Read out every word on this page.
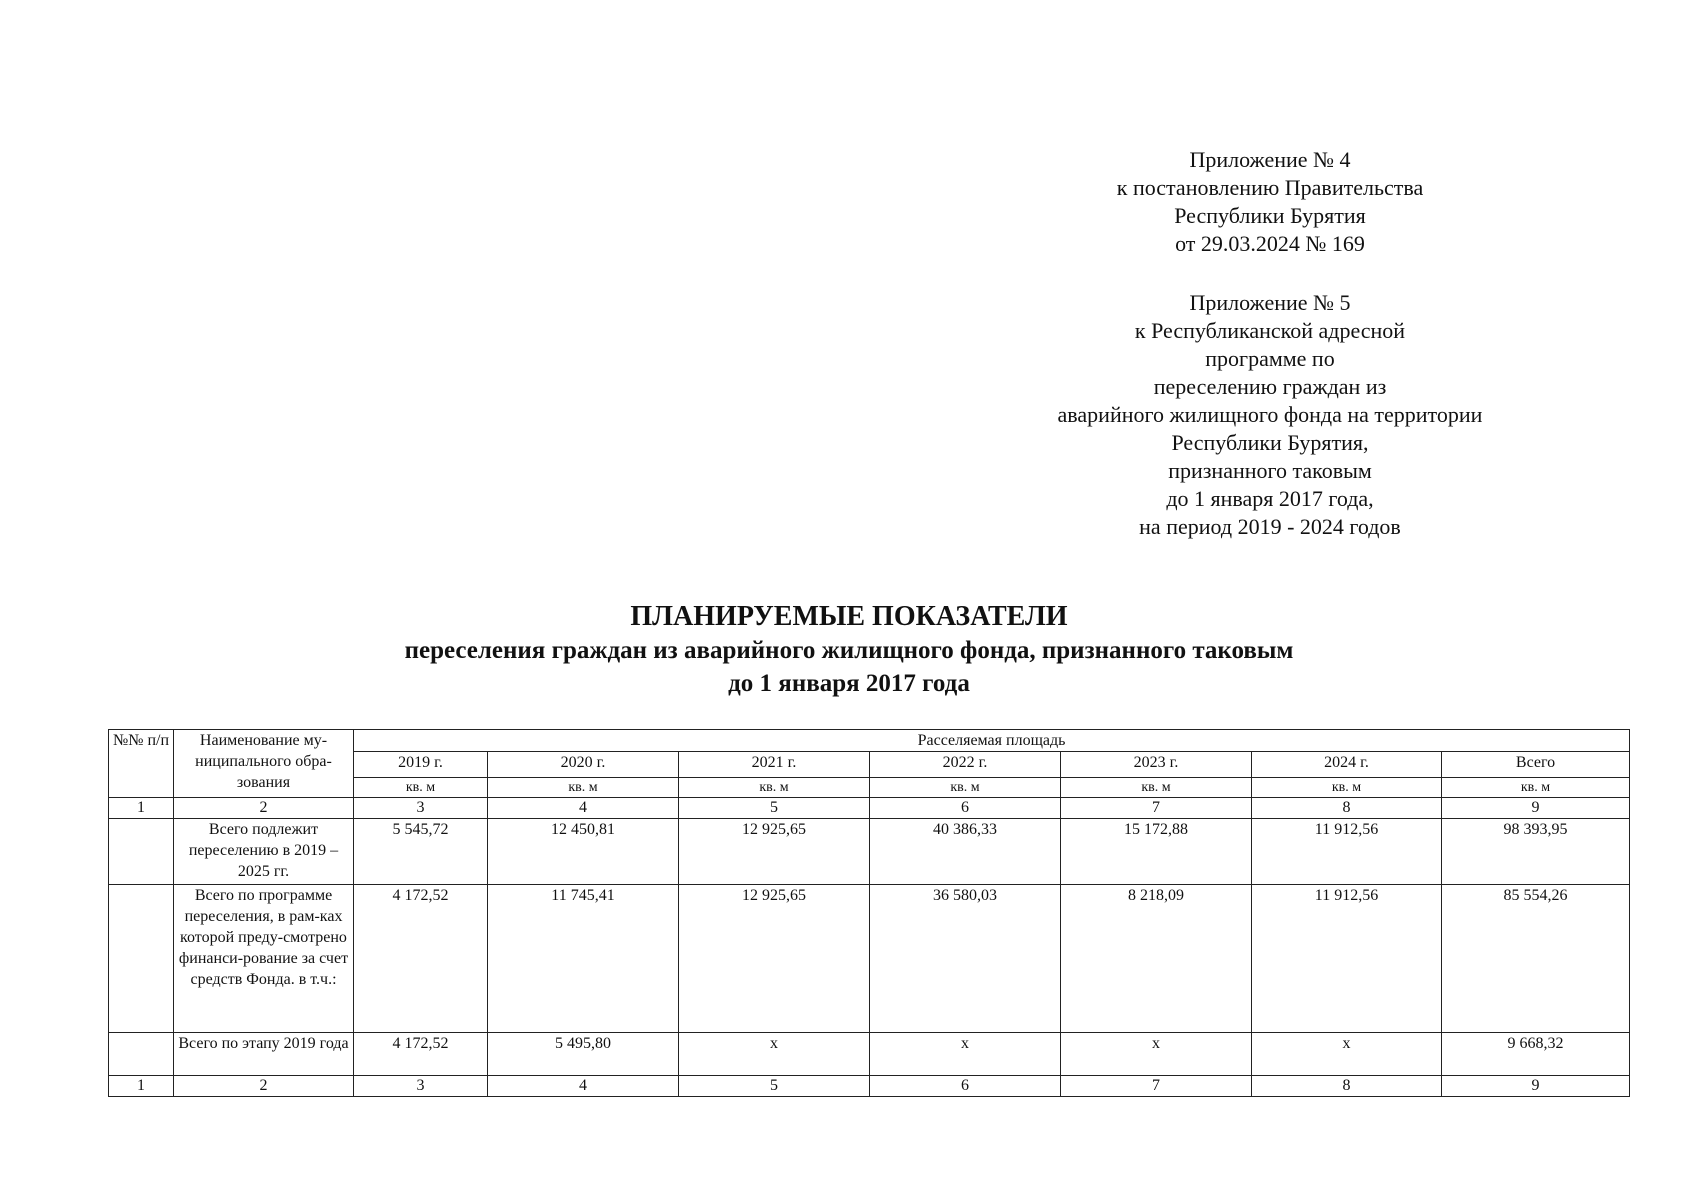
Приложение № 4
к постановлению Правительства
Республики Бурятия
от 29.03.2024 № 169
Приложение № 5
к Республиканской адресной
программе по
переселению граждан из
аварийного жилищного фонда на территории
Республики Бурятия,
признанного таковым
до 1 января 2017 года,
на период 2019 - 2024 годов
ПЛАНИРУЕМЫЕ ПОКАЗАТЕЛИ
переселения граждан из аварийного жилищного фонда, признанного таковым
до 1 января 2017 года
№№ п/п	Наименование му-ниципального обра-зования	Расселяемая площадь						
		2019 г.	2020 г.	2021 г.	2022 г.	2023 г.	2024 г.	Всего
		кв. м	кв. м	кв. м	кв. м	кв. м	кв. м	кв. м
1	2	3	4	5	6	7	8	9
	Всего подлежит переселению в 2019 – 2025 гг.	5 545,72	12 450,81	12 925,65	40 386,33	15 172,88	11 912,56	98 393,95
	Всего по программе переселения, в рам-ках которой преду-смотрено финанси-рование за счет средств Фонда. в т.ч.:	4 172,52	11 745,41	12 925,65	36 580,03	8 218,09	11 912,56	85 554,26
	Всего по этапу 2019 года	4 172,52	5 495,80	х	х	х	х	9 668,32
1	2	3	4	5	6	7	8	9
